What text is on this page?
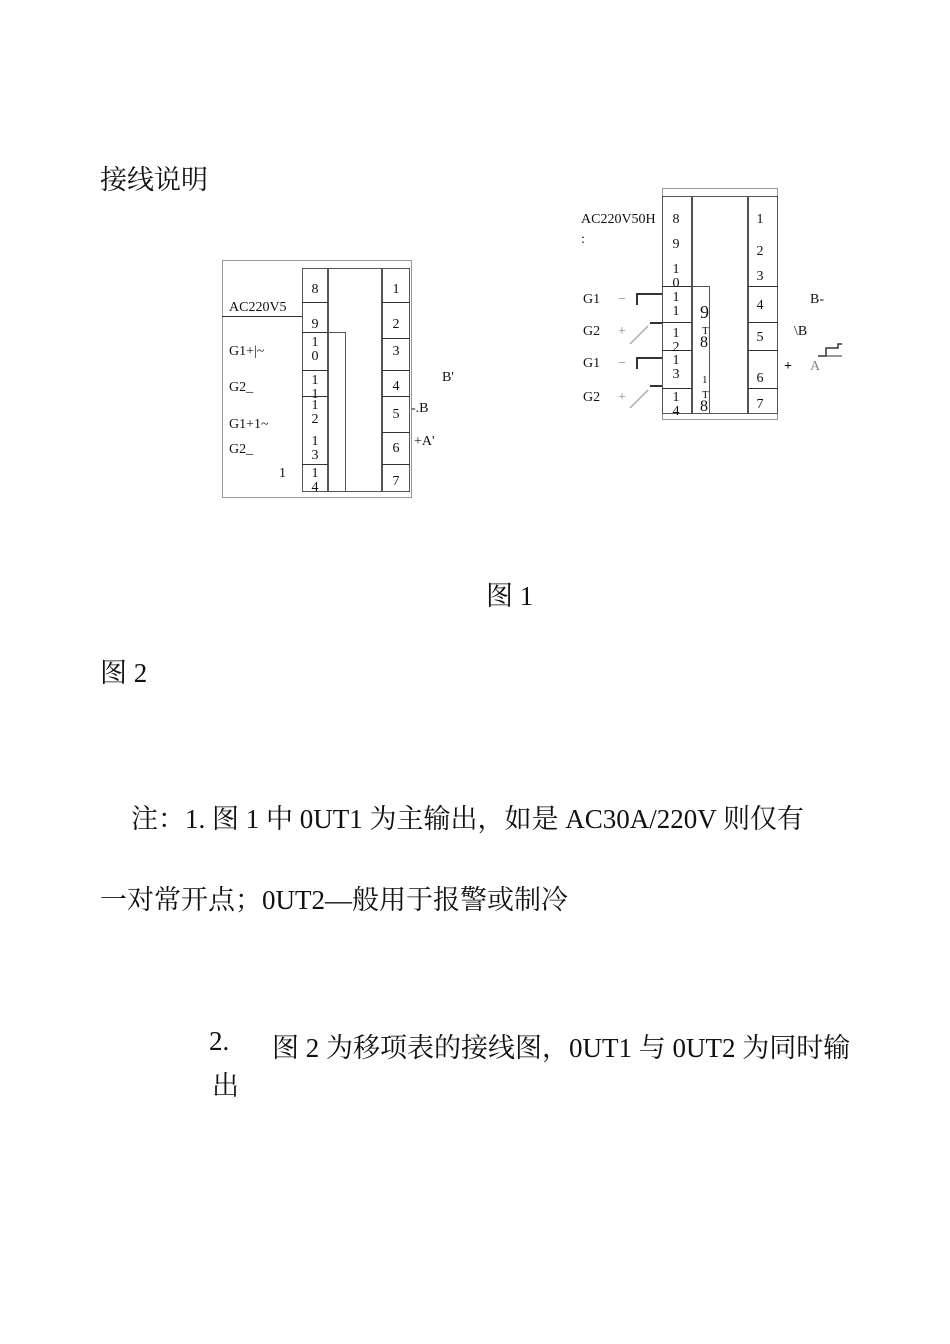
接线说明
AC220V5
G1+|~
G2_
G1+1~
G2_
1
8
9
10
11
12
13
14
1
2
3
4
5
6
7
B'
-.B
+A'
AC220V50H
:
G1
G2
G1
G2
−
+
−
+
8
9
10
11
12
13
14
9
T
8
1
T
8
1
2
3
4
5
6
7
B-
\B
+ A
图 1
图 2
注：1. 图 1 中 0UT1 为主输出，如是 AC30A/220V 则仅有
一对常开点；0UT2—般用于报警或制冷
2. 图 2 为移项表的接线图，0UT1 与 0UT2 为同时输
出
